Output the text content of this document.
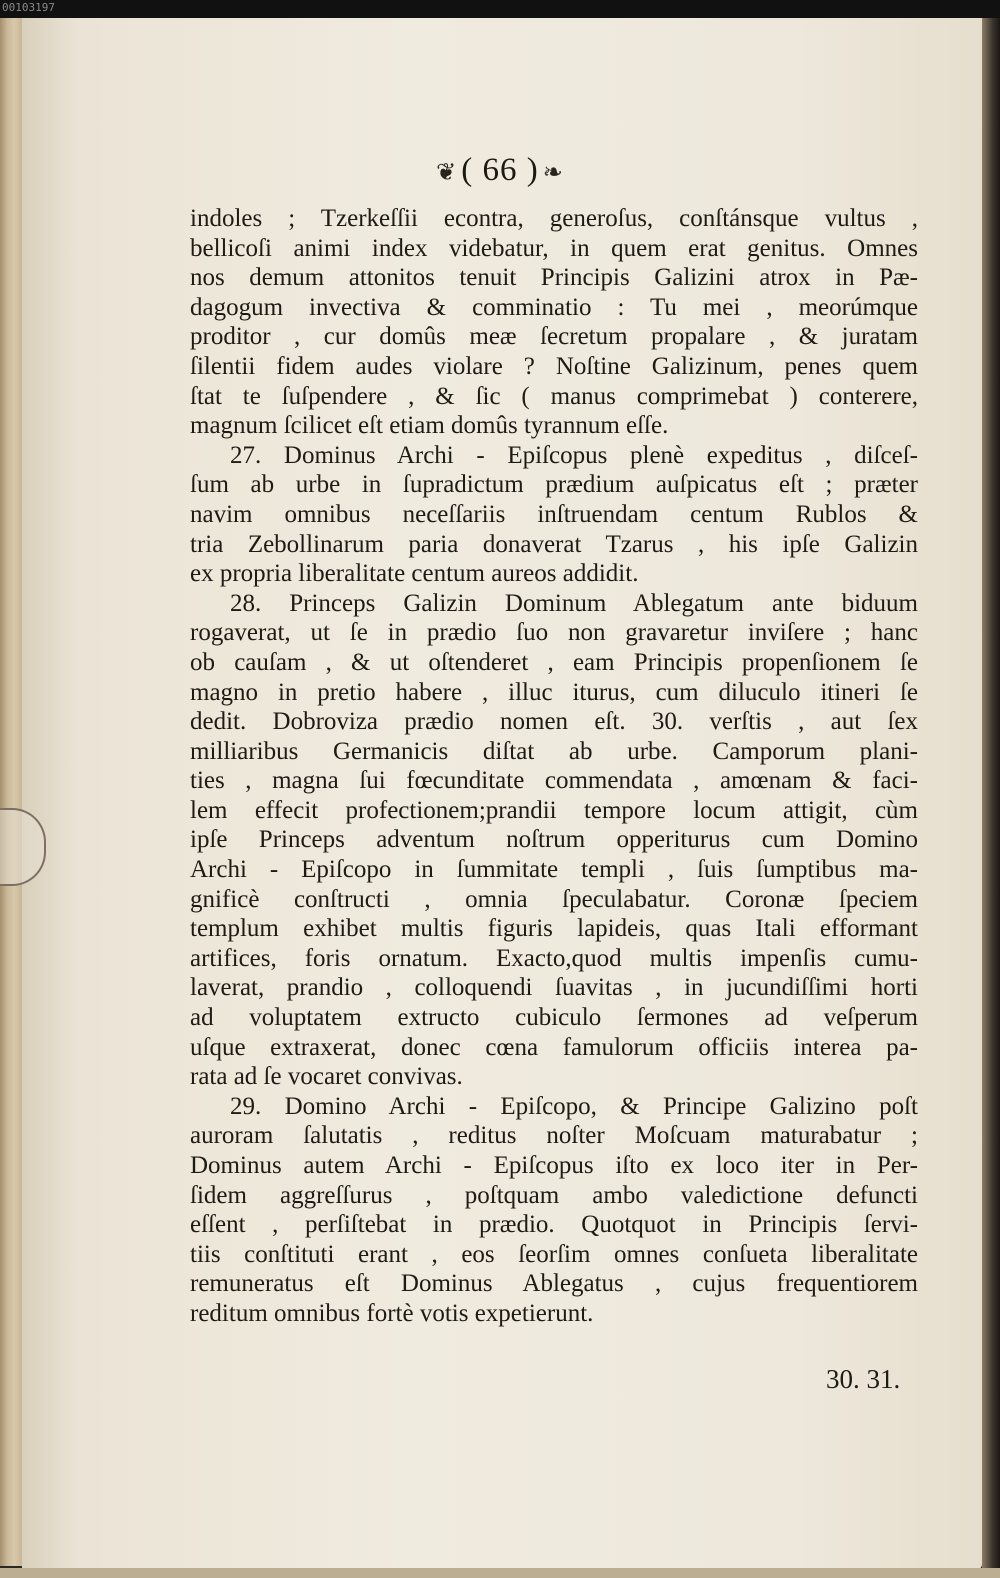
00103197
❦ ( 66 ) ❧
indoles ; Tzerkeſſii econtra, generoſus, conſtánsque vultus ,
bellicoſi animi index videbatur, in quem erat genitus. Omnes
nos demum attonitos tenuit Principis Galizini atrox in Pæ-
dagogum invectiva & comminatio : Tu mei , meorúmque
proditor , cur domûs meæ ſecretum propalare , & juratam
ſilentii fidem audes violare ? Noſtine Galizinum, penes quem
ſtat te ſuſpendere , & ſic ( manus comprimebat ) conterere,
magnum ſcilicet eſt etiam domûs tyrannum eſſe.
27. Dominus Archi - Epiſcopus plenè expeditus , diſceſ-
ſum ab urbe in ſupradictum prædium auſpicatus eſt ; præter
navim omnibus neceſſariis inſtruendam centum Rublos &
tria Zebollinarum paria donaverat Tzarus , his ipſe Galizin
ex propria liberalitate centum aureos addidit.
28. Princeps Galizin Dominum Ablegatum ante biduum
rogaverat, ut ſe in prædio ſuo non gravaretur inviſere ; hanc
ob cauſam , & ut oſtenderet , eam Principis propenſionem ſe
magno in pretio habere , illuc iturus, cum diluculo itineri ſe
dedit. Dobroviza prædio nomen eſt. 30. verſtis , aut ſex
milliaribus Germanicis diſtat ab urbe. Camporum plani-
ties , magna ſui fœcunditate commendata , amœnam & faci-
lem effecit profectionem;prandii tempore locum attigit, cùm
ipſe Princeps adventum noſtrum opperiturus cum Domino
Archi - Epiſcopo in ſummitate templi , ſuis ſumptibus ma-
gnificè conſtructi , omnia ſpeculabatur. Coronæ ſpeciem
templum exhibet multis figuris lapideis, quas Itali efformant
artifices, foris ornatum. Exacto,quod multis impenſis cumu-
laverat, prandio , colloquendi ſuavitas , in jucundiſſimi horti
ad voluptatem extructo cubiculo ſermones ad veſperum
uſque extraxerat, donec cœna famulorum officiis interea pa-
rata ad ſe vocaret convivas.
29. Domino Archi - Epiſcopo, & Principe Galizino poſt
auroram ſalutatis , reditus noſter Moſcuam maturabatur ;
Dominus autem Archi - Epiſcopus iſto ex loco iter in Per-
ſidem aggreſſurus , poſtquam ambo valedictione defuncti
eſſent , perſiſtebat in prædio. Quotquot in Principis ſervi-
tiis conſtituti erant , eos ſeorſim omnes conſueta liberalitate
remuneratus eſt Dominus Ablegatus , cujus frequentiorem
reditum omnibus fortè votis expetierunt.
30. 31.
